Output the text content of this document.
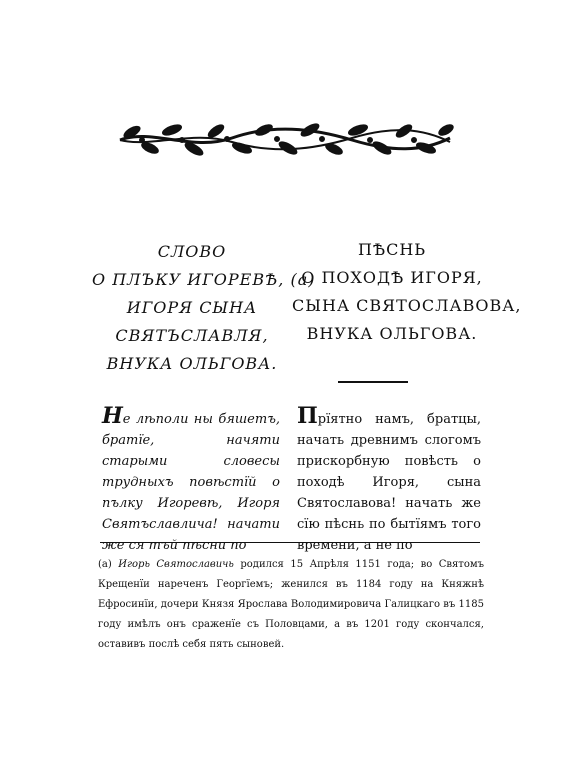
СЛОВО
О ПЛЪКУ ИГОРЕВѢ, (а)
ИГОРЯ СЫНА
СВЯТЪСЛАВЛЯ,
ВНУКА ОЛЬГОВА.
ПѢСНЬ
О ПОХОДѢ ИГОРЯ,
СЫНА СВЯТОСЛАВОВА,
ВНУКА ОЛЬГОВА.
Не лѣполи ны бяшетъ, братїе, начяти старыми словесы трудныхъ повѣстїй о пълку Игоревѣ, Игоря Святъславлича! начати же ся тъй пѣсни по
Прїятно намъ, братцы, начать древнимъ слогомъ прискорбную повѣсть о походѣ Игоря, сына Святославова! начать же сїю пѣснь по бытїямъ того времени, а не по
(а) Игорь Святославичь родился 15 Апрѣля 1151 года; во Святомъ Крещенїи нареченъ Георгїемъ; женился въ 1184 году на Княжнѣ Ефросинїи, дочери Князя Ярослава Володимировича Галицкаго въ 1185 году имѣлъ онъ сраженїе съ Половцами, а въ 1201 году скончался, оставивъ послѣ себя пять сыновей.
